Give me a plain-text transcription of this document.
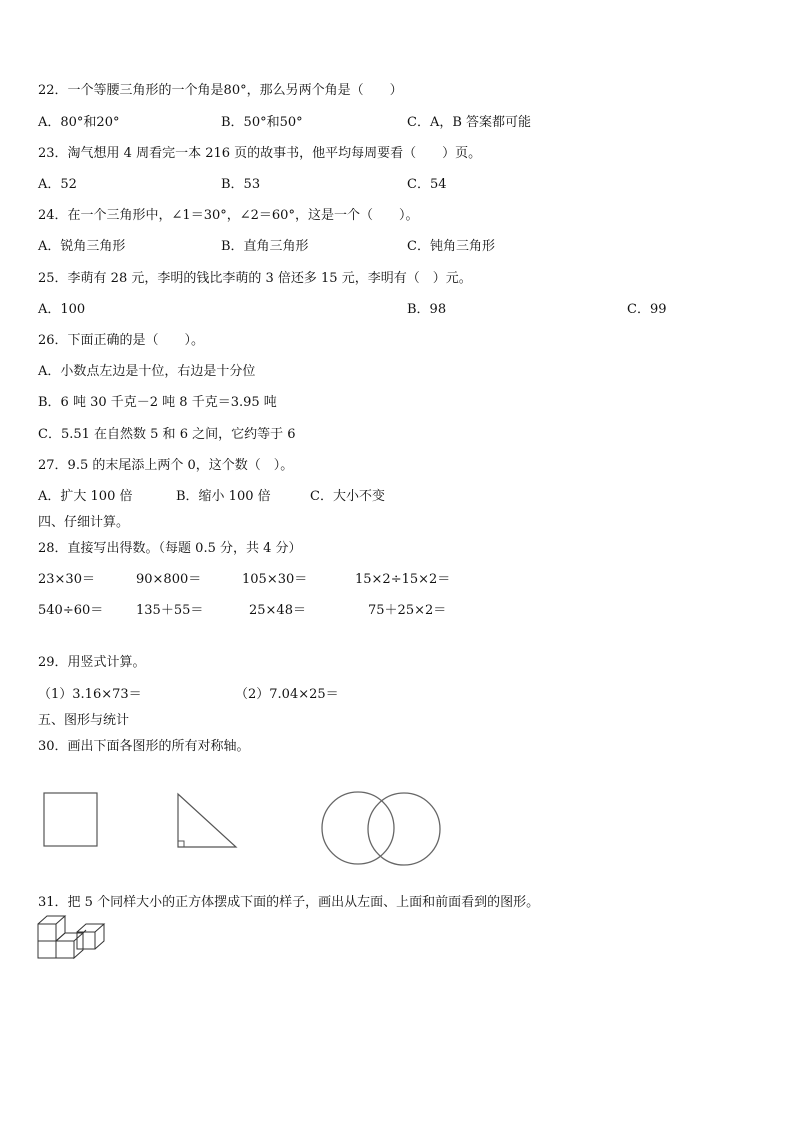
22．一个等腰三角形的一个角是80°，那么另两个角是（　　）
A．80°和20°	B．50°和50°	C．A，B 答案都可能
23．淘气想用 4 周看完一本 216 页的故事书，他平均每周要看（　　）页。
A．52	B．53	C．54
24．在一个三角形中，∠1＝30°，∠2＝60°，这是一个（　　）。
A．锐角三角形	B．直角三角形	C．钝角三角形
25．李萌有 28 元，李明的钱比李萌的 3 倍还多 15 元，李明有（　）元。
A．100	B．98	C．99
26．下面正确的是（　　）。
A．小数点左边是十位，右边是十分位
B．6 吨 30 千克－2 吨 8 千克＝3.95 吨
C．5.51 在自然数 5 和 6 之间，它约等于 6
27．9.5 的末尾添上两个 0，这个数（　）。
A．扩大 100 倍	B．缩小 100 倍	C．大小不变
四、仔细计算。
28．直接写出得数。（每题 0.5 分，共 4 分）
23×30＝	90×800＝	105×30＝	15×2÷15×2＝
540÷60＝	135＋55＝	25×48＝	75＋25×2＝
29．用竖式计算。
（1）3.16×73＝	（2）7.04×25＝
五、图形与统计
30．画出下面各图形的所有对称轴。
31．把 5 个同样大小的正方体摆成下面的样子，画出从左面、上面和前面看到的图形。
